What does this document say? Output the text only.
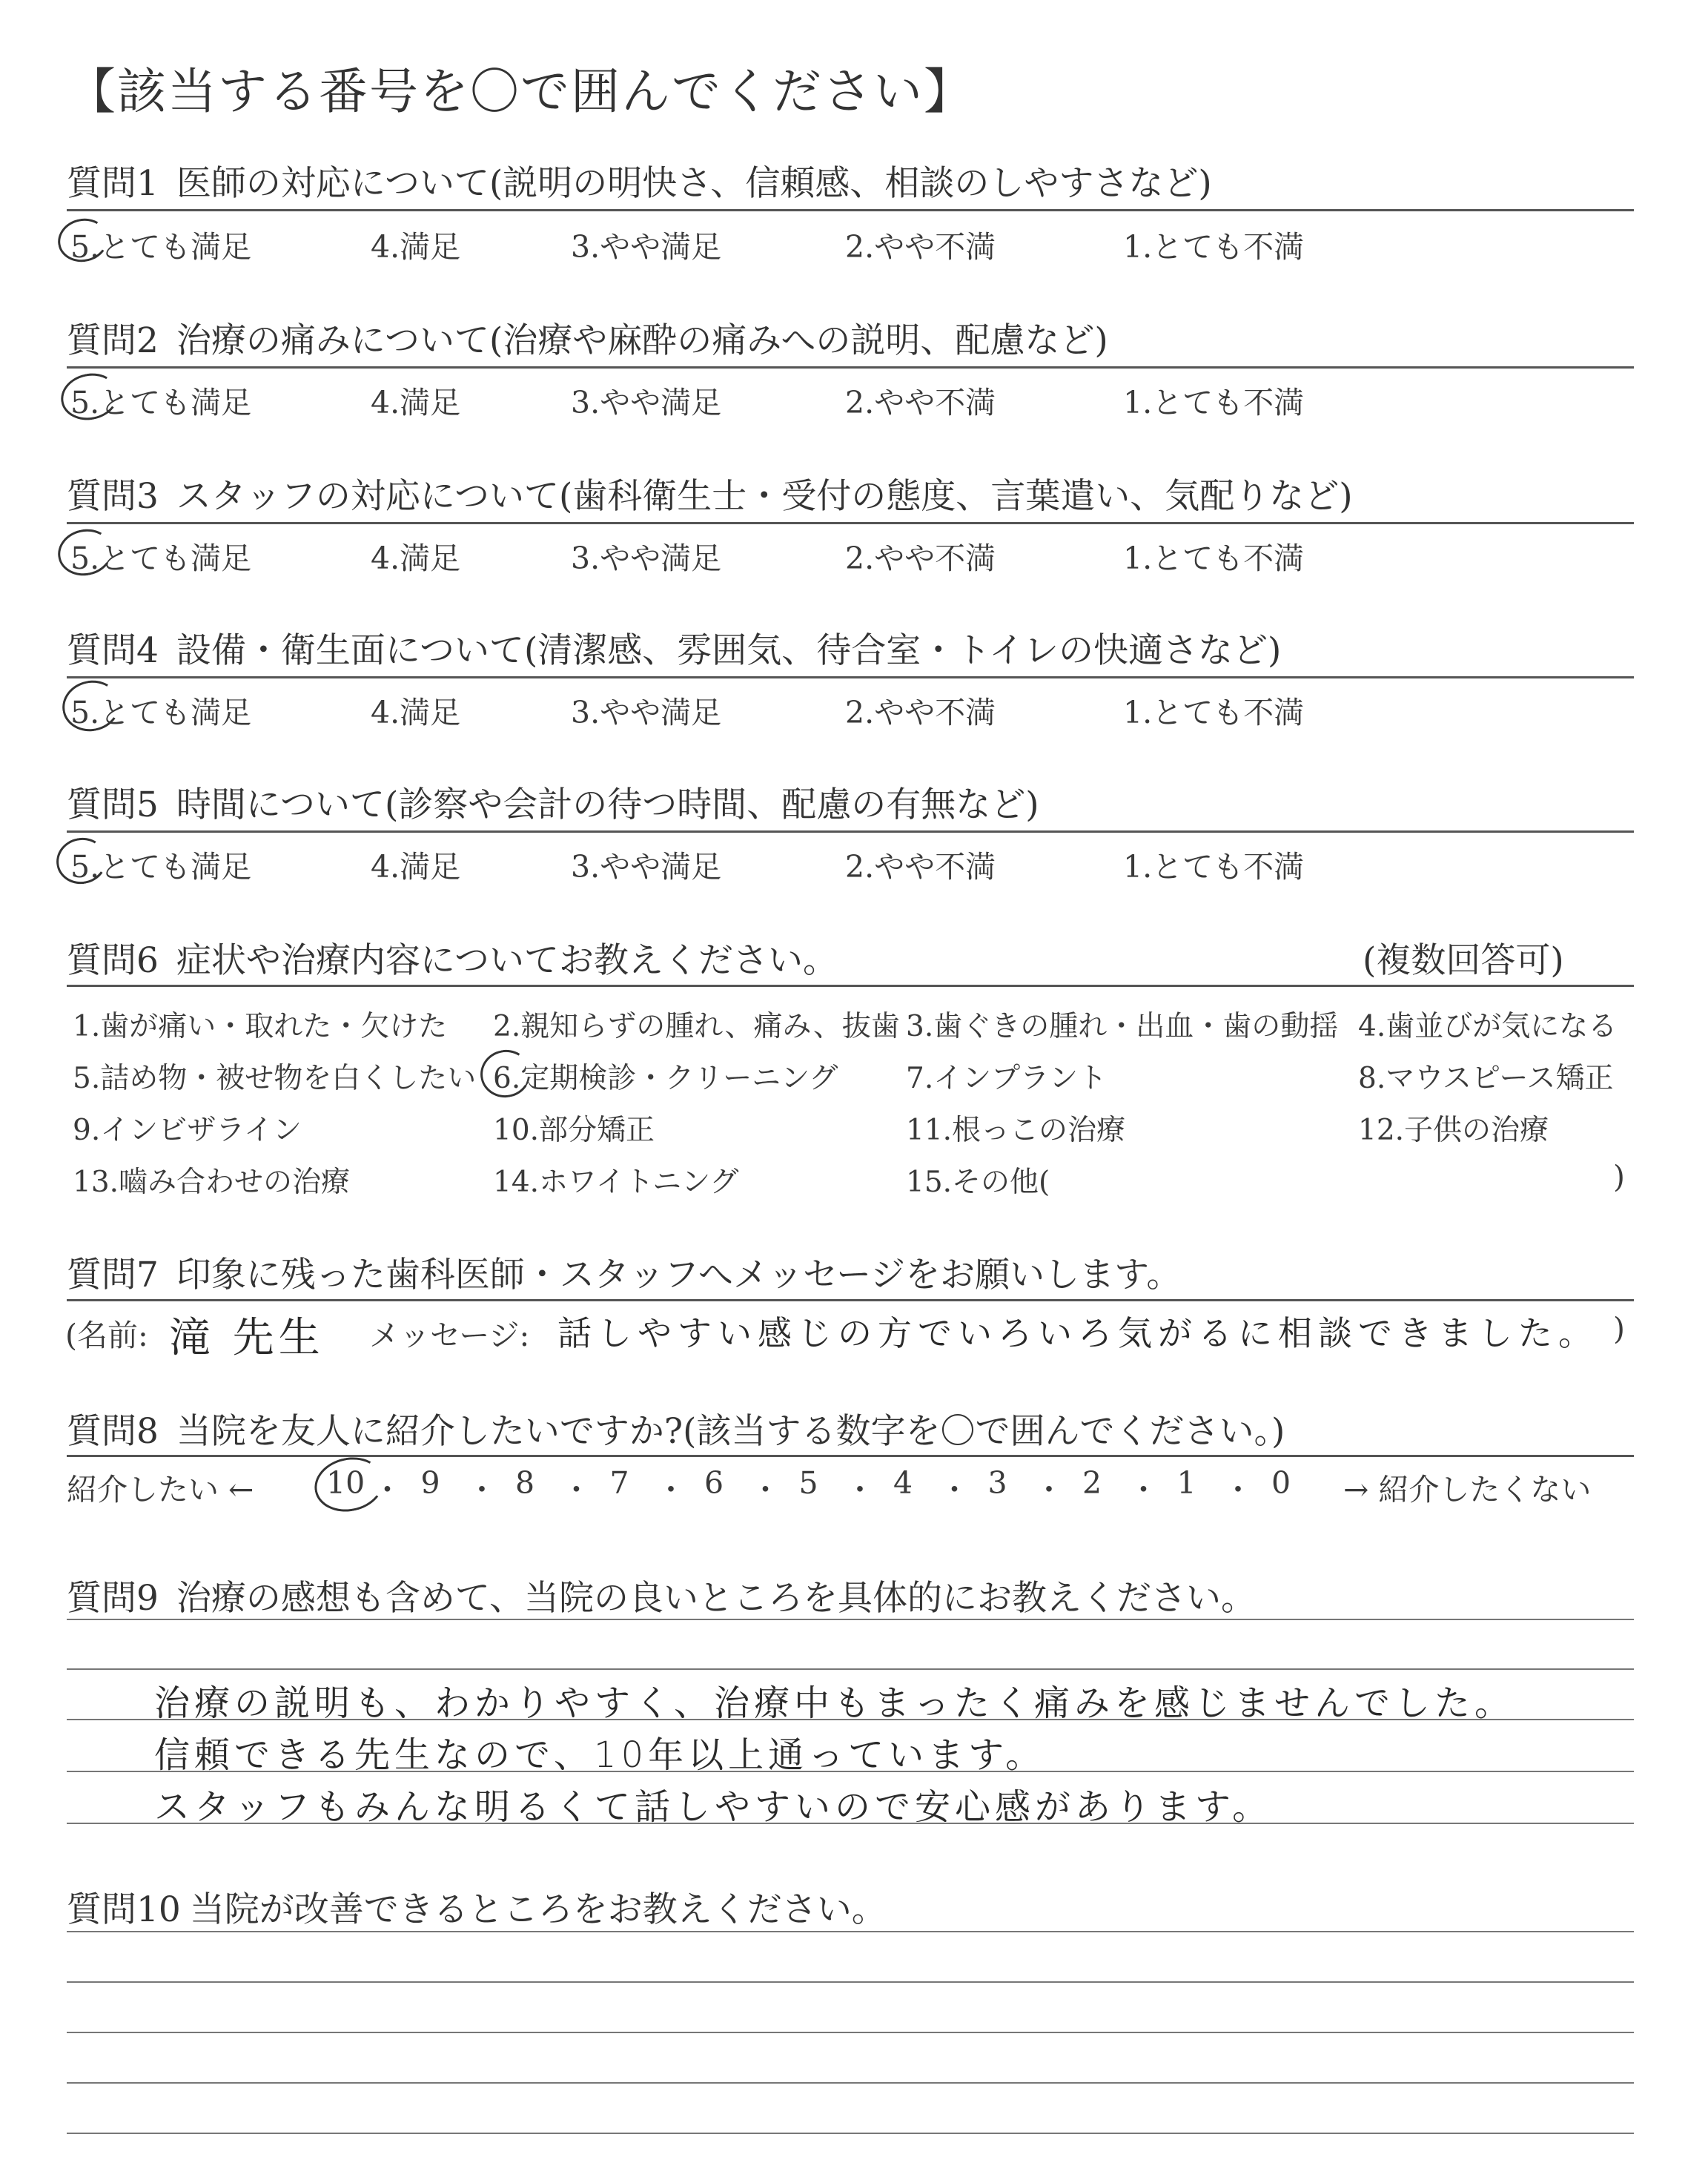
【該当する番号を〇で囲んでください】
質問1 医師の対応について(説明の明快さ、信頼感、相談のしやすさなど)
5.とても満足	4.満足	3.やや満足	2.やや不満	1.とても不満
質問2 治療の痛みについて(治療や麻酔の痛みへの説明、配慮など)
5.とても満足	4.満足	3.やや満足	2.やや不満	1.とても不満
質問3 スタッフの対応について(歯科衛生士・受付の態度、言葉遣い、気配りなど)
5.とても満足	4.満足	3.やや満足	2.やや不満	1.とても不満
質問4 設備・衛生面について(清潔感、雰囲気、待合室・トイレの快適さなど)
5.とても満足	4.満足	3.やや満足	2.やや不満	1.とても不満
質問5 時間について(診察や会計の待つ時間、配慮の有無など)
5.とても満足	4.満足	3.やや満足	2.やや不満	1.とても不満
質問6 症状や治療内容についてお教えください。	(複数回答可)
1.歯が痛い・取れた・欠けた 2.親知らずの腫れ、痛み、抜歯 3.歯ぐきの腫れ・出血・歯の動揺 4.歯並びが気になる
5.詰め物・被せ物を白くしたい 6.定期検診・クリーニング 7.インプラント	8.マウスピース矯正
9.インビザライン	10.部分矯正	11.根っこの治療	12.子供の治療
13.嚙み合わせの治療	14.ホワイトニング	15.その他(	)
質問7 印象に残った歯科医師・スタッフへメッセージをお願いします。
(名前: 滝 先生 メッセージ: 話しやすい感じの方でいろいろ気がるに相談できました。 )
質問8 当院を友人に紹介したいですか?(該当する数字を〇で囲んでください。)
紹介したい ←	→ 紹介したくない
質問9 治療の感想も含めて、当院の良いところを具体的にお教えください。
治療の説明も、わかりやすく、治療中もまったく痛みを感じませんでした。
信頼できる先生なので、10年以上通っています。
スタッフもみんな明るくて話しやすいので安心感があります。
質問10 当院が改善できるところをお教えください。
10 ・ 9 ・ 8 ・ 7 ・ 6 ・ 5 ・ 4 ・ 3 ・ 2 ・ 1 ・ 0
